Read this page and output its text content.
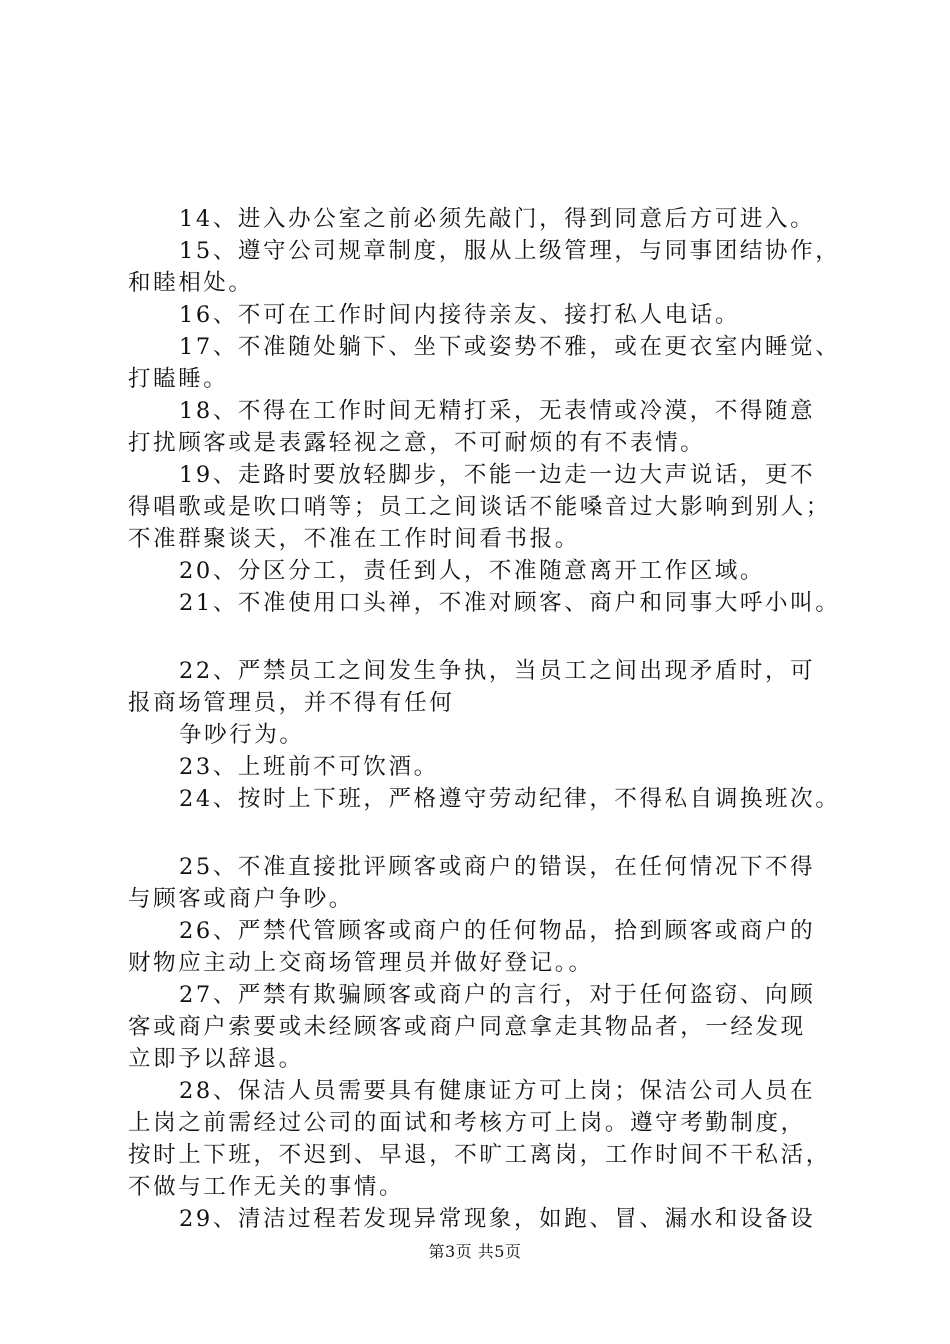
14、进入办公室之前必须先敲门，得到同意后方可进入。
15、遵守公司规章制度，服从上级管理，与同事团结协作，
和睦相处。
16、不可在工作时间内接待亲友、接打私人电话。
17、不准随处躺下、坐下或姿势不雅，或在更衣室内睡觉、
打瞌睡。
18、不得在工作时间无精打采，无表情或冷漠，不得随意
打扰顾客或是表露轻视之意，不可耐烦的有不表情。
19、走路时要放轻脚步，不能一边走一边大声说话，更不
得唱歌或是吹口哨等；员工之间谈话不能嗓音过大影响到别人；
不准群聚谈天，不准在工作时间看书报。
20、分区分工，责任到人，不准随意离开工作区域。
21、不准使用口头禅，不准对顾客、商户和同事大呼小叫。
22、严禁员工之间发生争执，当员工之间出现矛盾时，可
报商场管理员，并不得有任何
争吵行为。
23、上班前不可饮酒。
24、按时上下班，严格遵守劳动纪律，不得私自调换班次。
25、不准直接批评顾客或商户的错误，在任何情况下不得
与顾客或商户争吵。
26、严禁代管顾客或商户的任何物品，拾到顾客或商户的
财物应主动上交商场管理员并做好登记。。
27、严禁有欺骗顾客或商户的言行，对于任何盗窃、向顾
客或商户索要或未经顾客或商户同意拿走其物品者，一经发现
立即予以辞退。
28、保洁人员需要具有健康证方可上岗；保洁公司人员在
上岗之前需经过公司的面试和考核方可上岗。遵守考勤制度，
按时上下班，不迟到、早退，不旷工离岗，工作时间不干私活，
不做与工作无关的事情。
29、清洁过程若发现异常现象，如跑、冒、漏水和设备设
第3页 共5页
